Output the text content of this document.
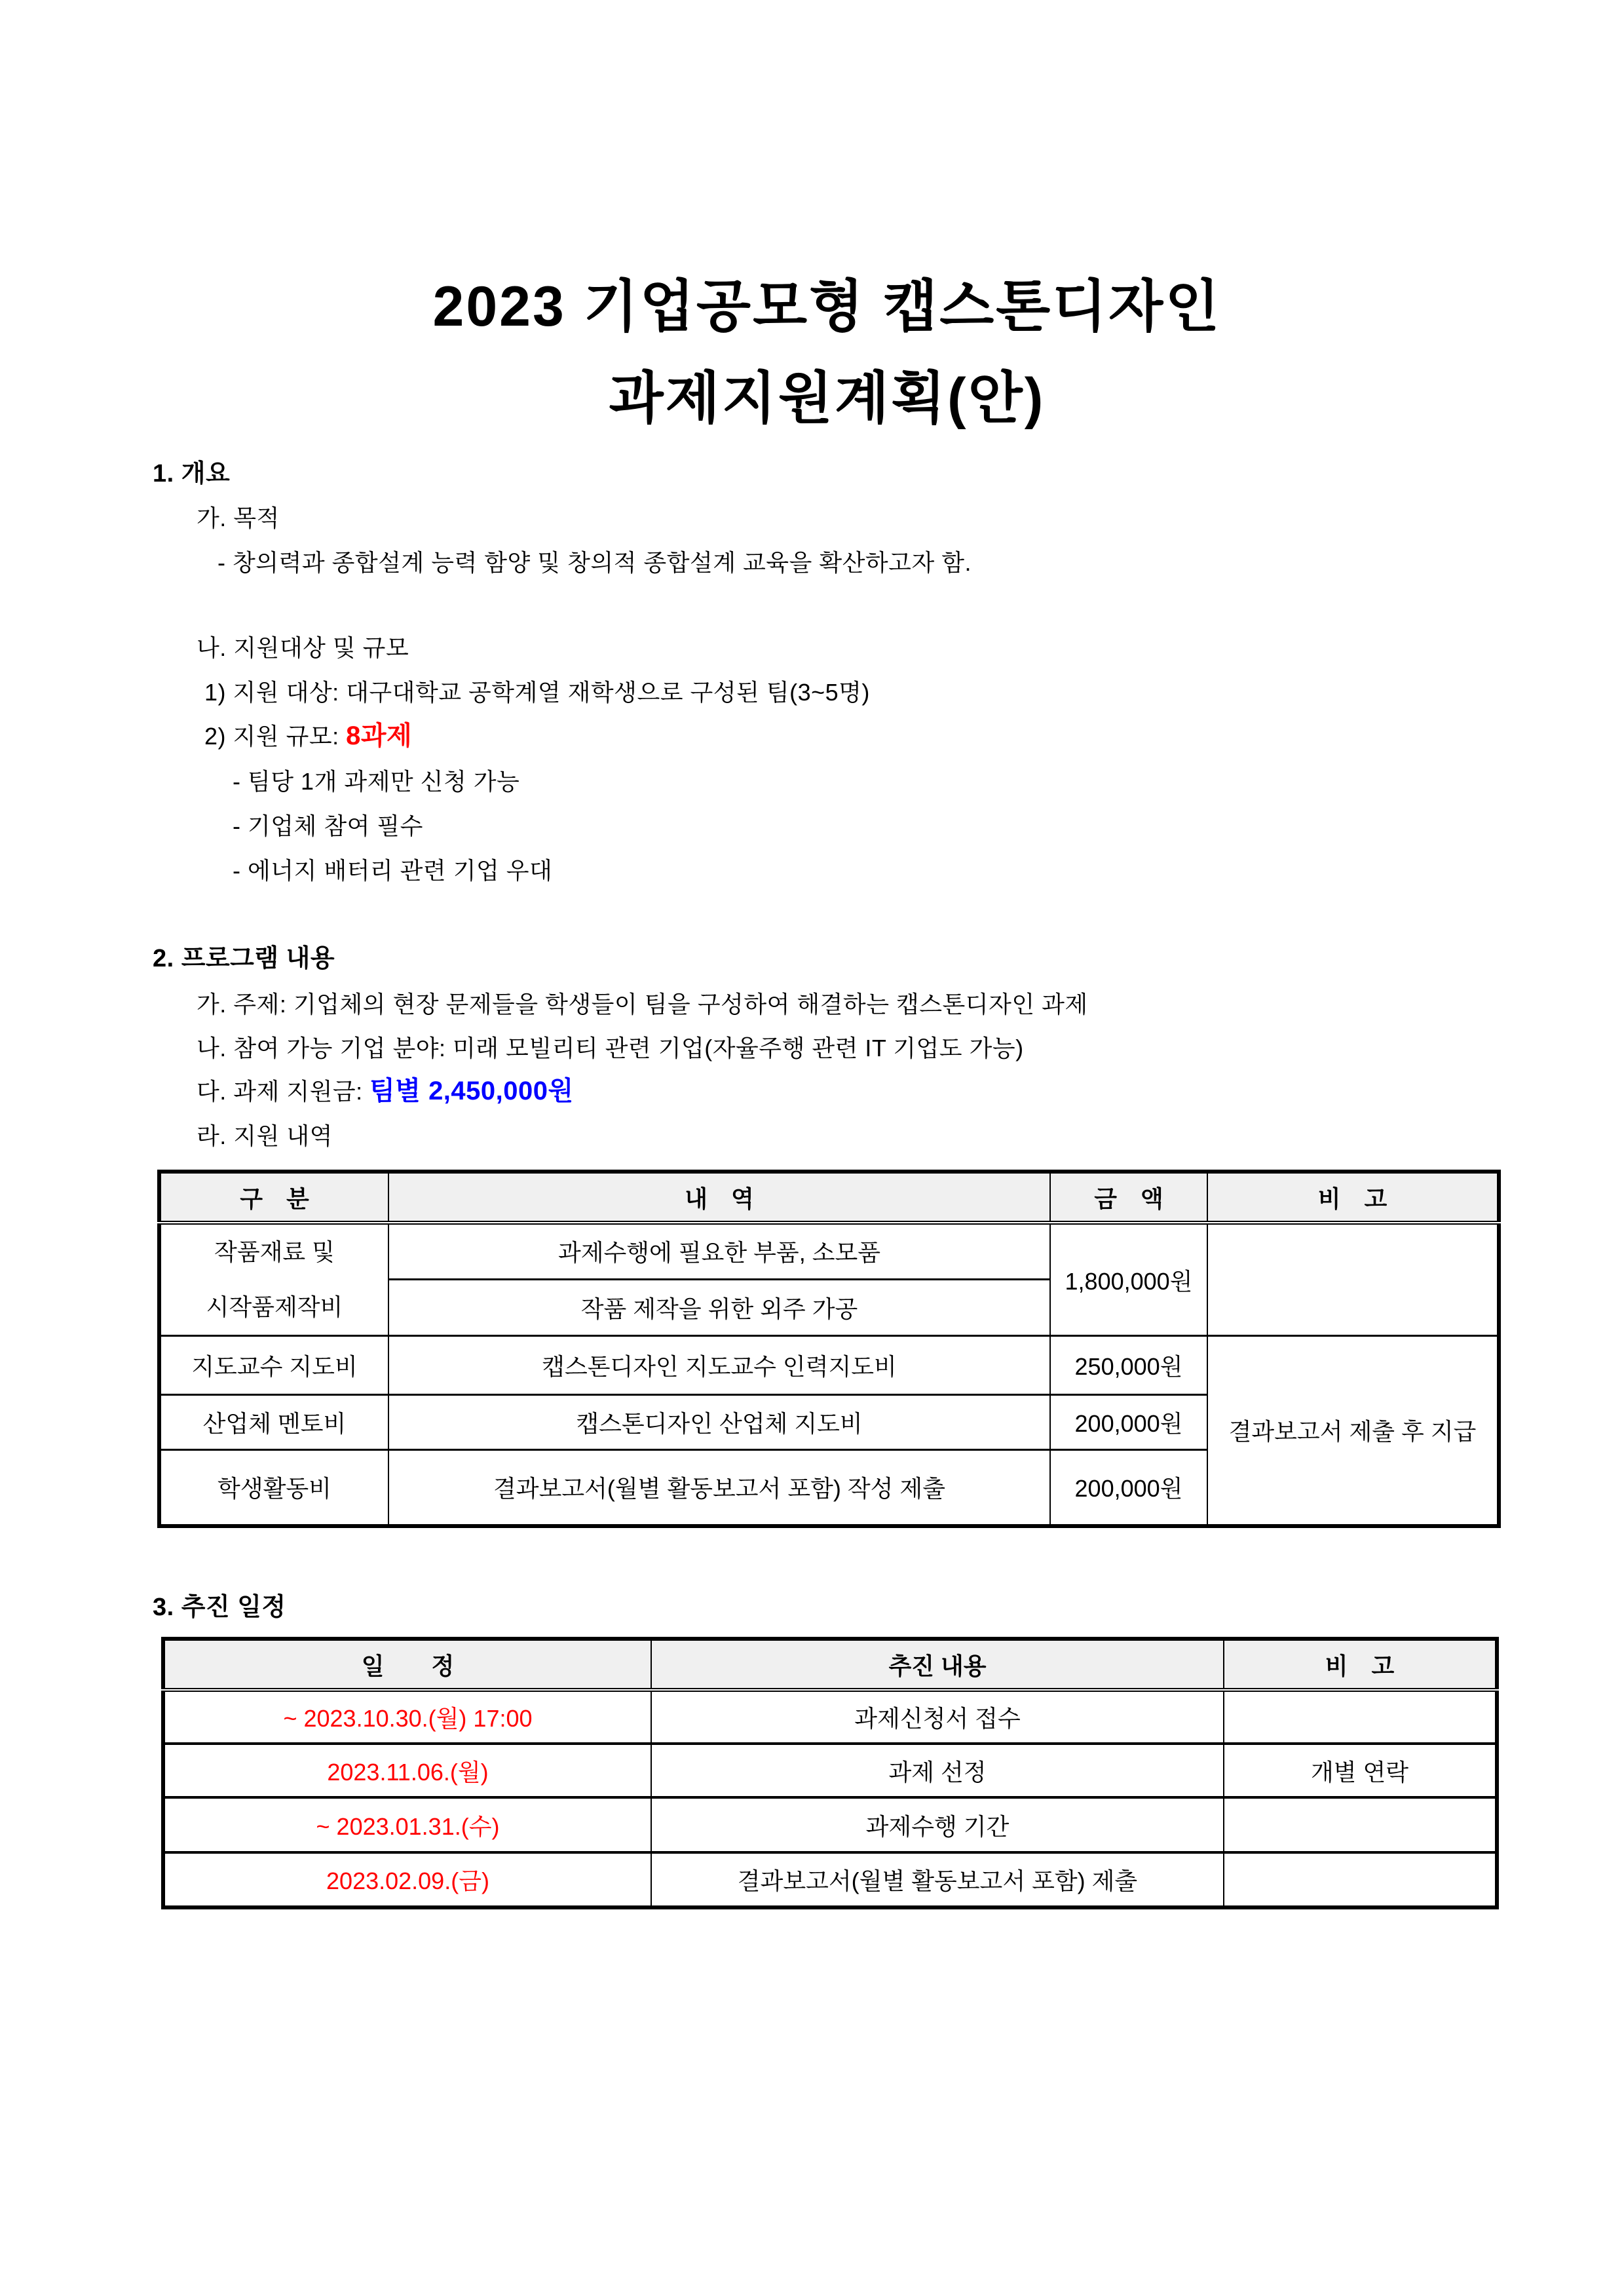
2023 기업공모형 캡스톤디자인
과제지원계획(안)
1. 개요
가. 목적
- 창의력과 종합설계 능력 함양 및 창의적 종합설계 교육을 확산하고자 함.
나. 지원대상 및 규모
1) 지원 대상: 대구대학교 공학계열 재학생으로 구성된 팀(3~5명)
2) 지원 규모: 8과제
- 팀당 1개 과제만 신청 가능
- 기업체 참여 필수
- 에너지 배터리 관련 기업 우대
2. 프로그램 내용
가. 주제: 기업체의 현장 문제들을 학생들이 팀을 구성하여 해결하는 캡스톤디자인 과제
나. 참여 가능 기업 분야: 미래 모빌리티 관련 기업(자율주행 관련 IT 기업도 가능)
다. 과제 지원금: 팀별 2,450,000원
라. 지원 내역
구　분	내　역	금　액	비　고

작품재료 및
시작품제작비	과제수행에 필요한 부품, 소모품	1,800,000원	
	작품 제작을 위한 외주 가공		
지도교수 지도비	캡스톤디자인 지도교수 인력지도비	250,000원	결과보고서 제출 후 지급
산업체 멘토비	캡스톤디자인 산업체 지도비	200,000원	
학생활동비	결과보고서(월별 활동보고서 포함) 작성 제출	200,000원	
3. 추진 일정
일　　정	추진 내용	비　고
~ 2023.10.30.(월) 17:00	과제신청서 접수	
2023.11.06.(월)	과제 선정	개별 연락
~ 2023.01.31.(수)	과제수행 기간	
2023.02.09.(금)	결과보고서(월별 활동보고서 포함) 제출	
